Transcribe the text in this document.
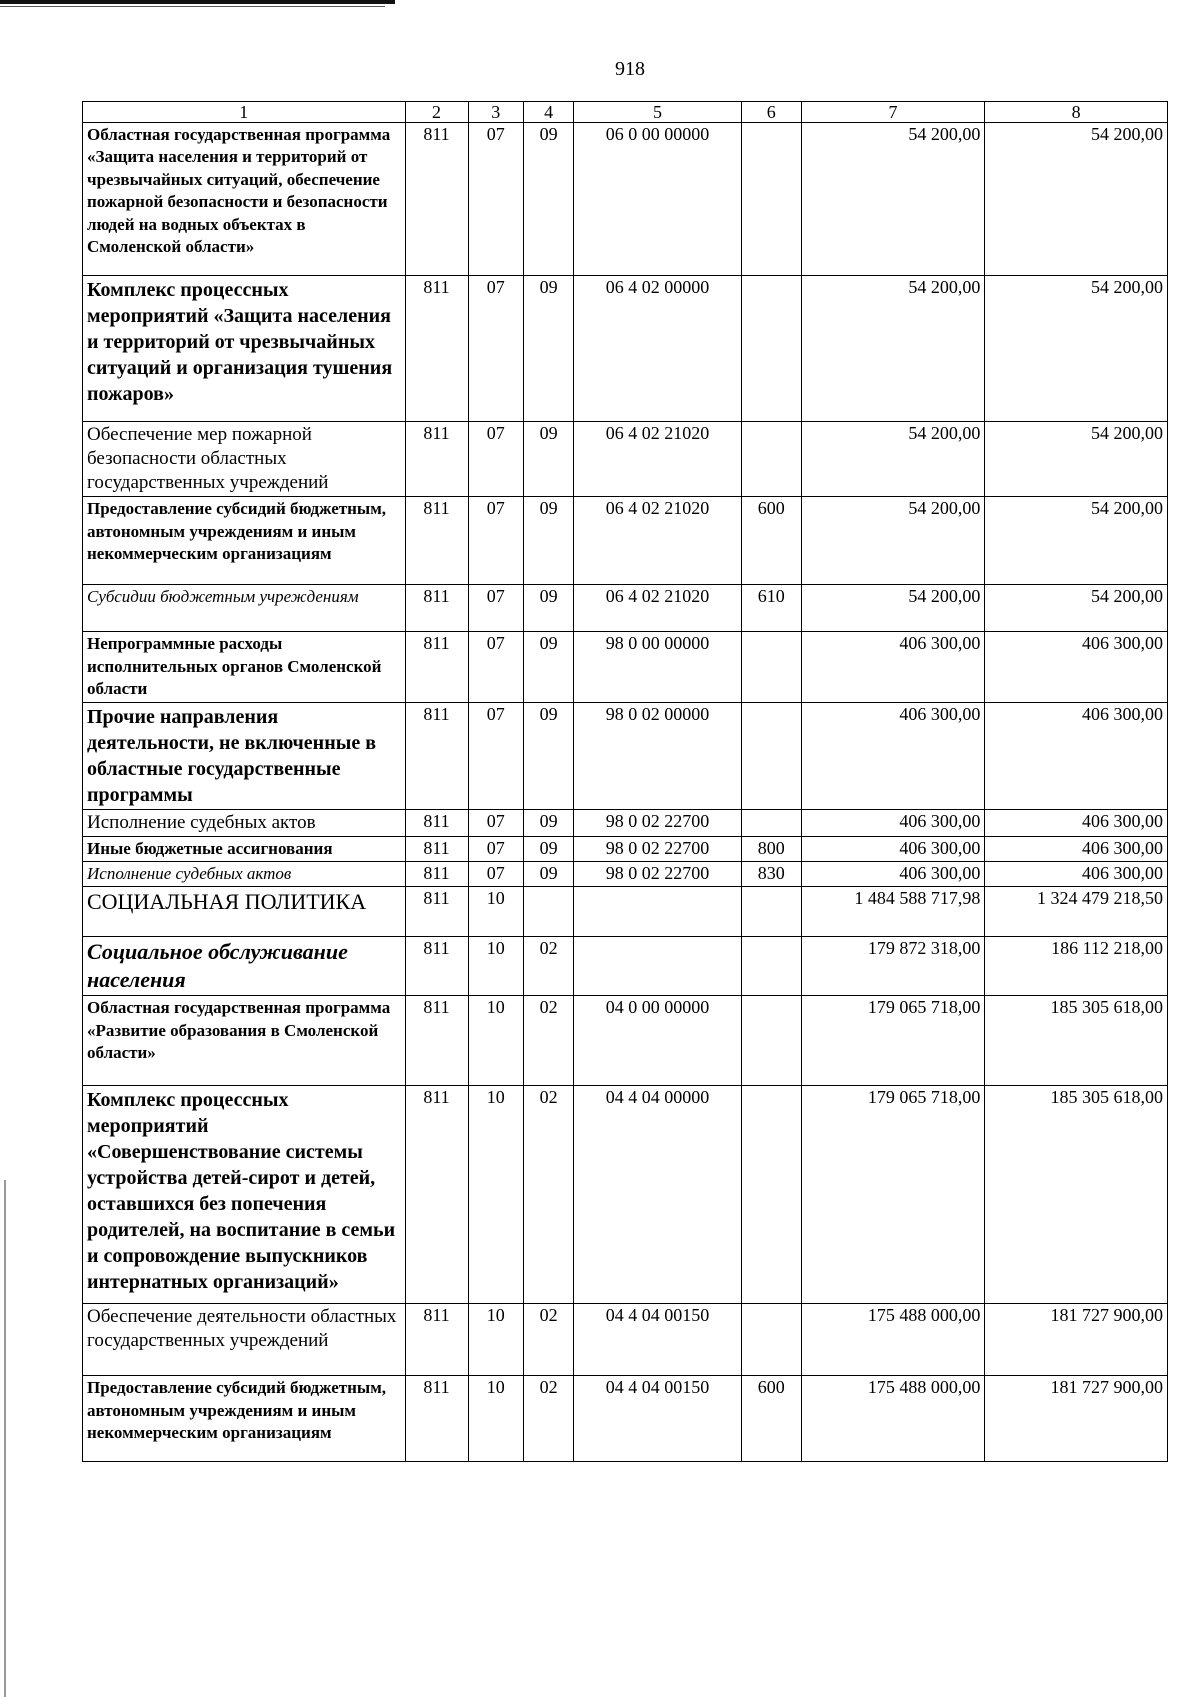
918
1	2	3	4	5	6	7	8
Областная государственная программа «Защита населения и территорий от чрезвычайных ситуаций, обеспечение пожарной безопасности и безопасности людей на водных объектах в Смоленской области»	811	07	09	06 0 00 00000		54 200,00	54 200,00
Комплекс процессных мероприятий «Защита населения и территорий от чрезвычайных ситуаций и организация тушения пожаров»	811	07	09	06 4 02 00000		54 200,00	54 200,00
Обеспечение мер пожарной безопасности областных государственных учреждений	811	07	09	06 4 02 21020		54 200,00	54 200,00
Предоставление субсидий бюджетным, автономным учреждениям и иным некоммерческим организациям	811	07	09	06 4 02 21020	600	54 200,00	54 200,00
Субсидии бюджетным учреждениям	811	07	09	06 4 02 21020	610	54 200,00	54 200,00
Непрограммные расходы исполнительных органов Смоленской области	811	07	09	98 0 00 00000		406 300,00	406 300,00
Прочие направления деятельности, не включенные в областные государственные программы	811	07	09	98 0 02 00000		406 300,00	406 300,00
Исполнение судебных актов	811	07	09	98 0 02 22700		406 300,00	406 300,00
Иные бюджетные ассигнования	811	07	09	98 0 02 22700	800	406 300,00	406 300,00
Исполнение судебных актов	811	07	09	98 0 02 22700	830	406 300,00	406 300,00
СОЦИАЛЬНАЯ ПОЛИТИКА	811	10				1 484 588 717,98	1 324 479 218,50
Социальное обслуживание населения	811	10	02			179 872 318,00	186 112 218,00
Областная государственная программа «Развитие образования в Смоленской области»	811	10	02	04 0 00 00000		179 065 718,00	185 305 618,00
Комплекс процессных мероприятий «Совершенствование системы устройства детей-сирот и детей, оставшихся без попечения родителей, на воспитание в семьи и сопровождение выпускников интернатных организаций»	811	10	02	04 4 04 00000		179 065 718,00	185 305 618,00
Обеспечение деятельности областных государственных учреждений	811	10	02	04 4 04 00150		175 488 000,00	181 727 900,00
Предоставление субсидий бюджетным, автономным учреждениям и иным некоммерческим организациям	811	10	02	04 4 04 00150	600	175 488 000,00	181 727 900,00
